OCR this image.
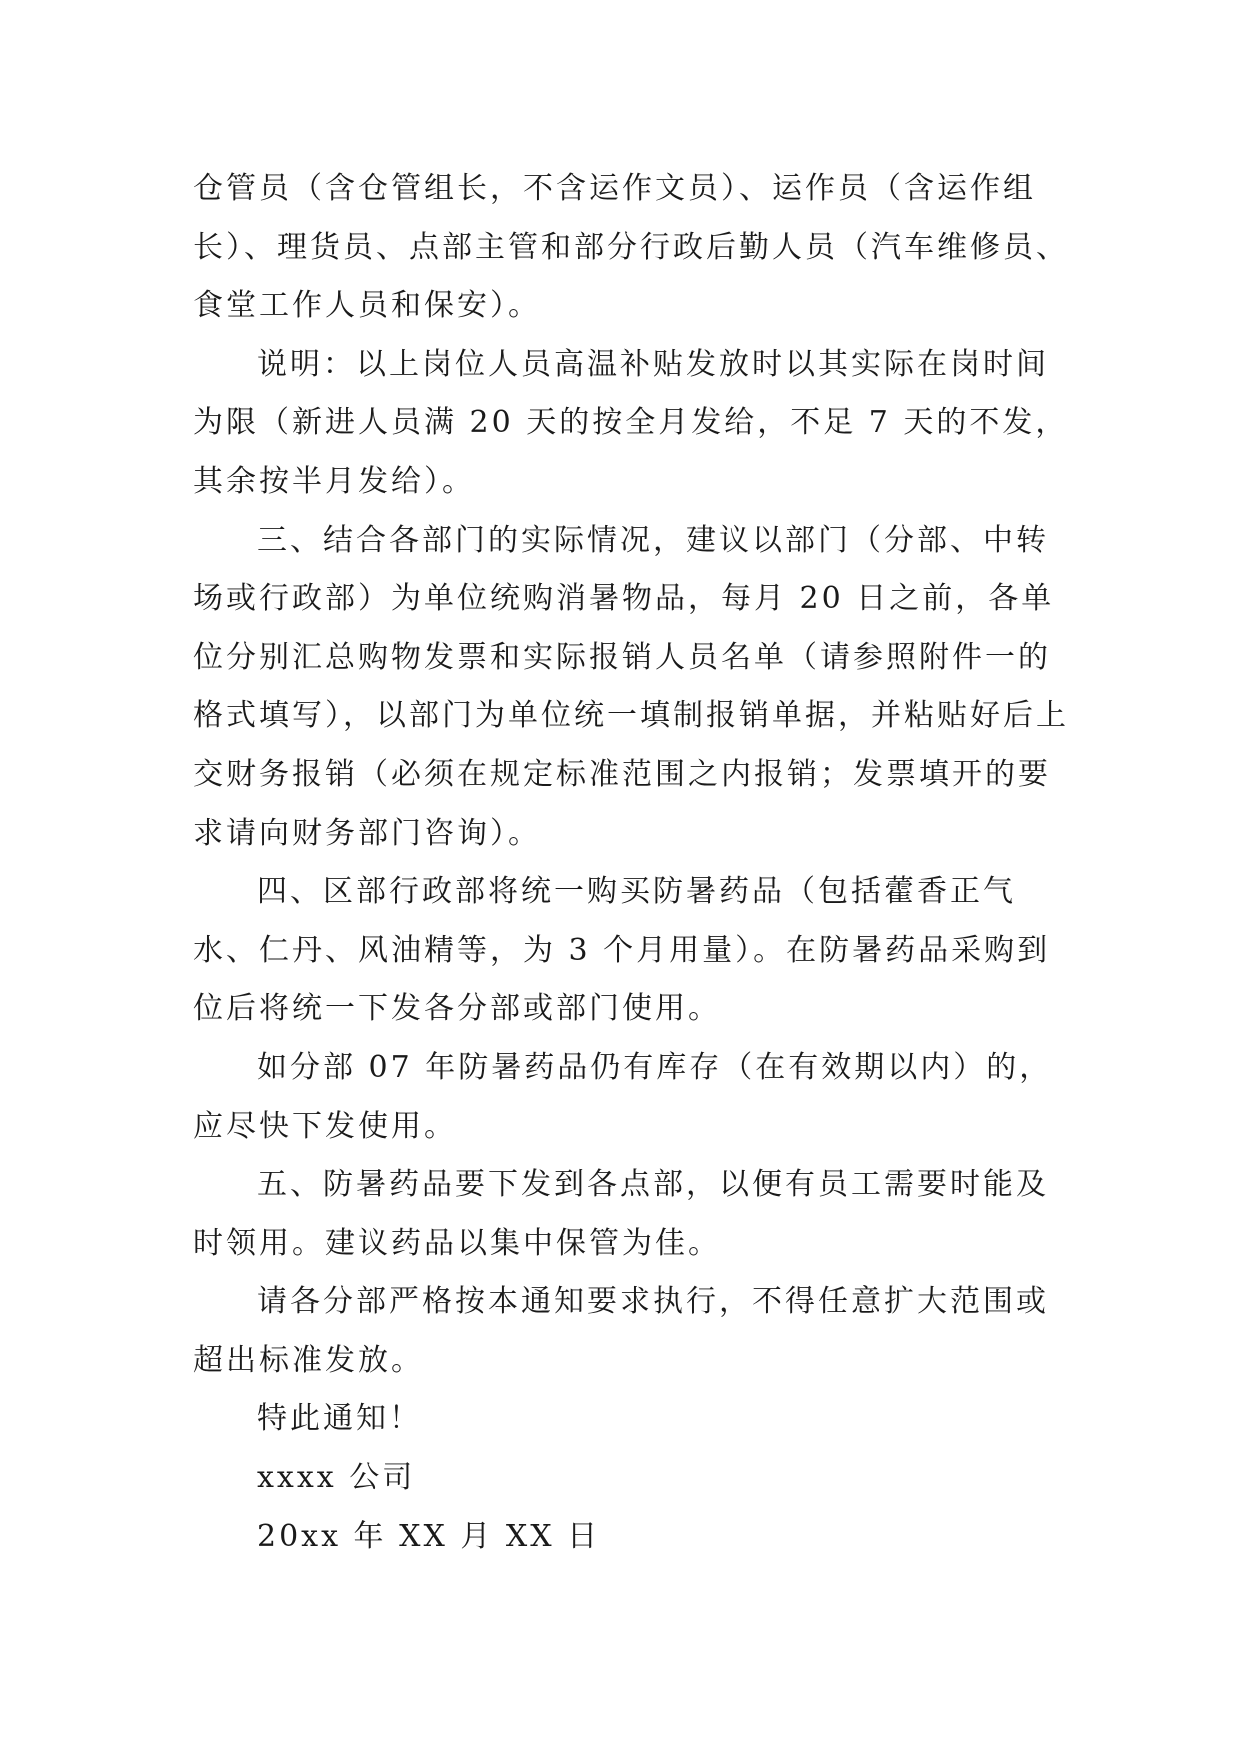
仓管员（含仓管组长，不含运作文员）、运作员（含运作组长）、理货员、点部主管和部分行政后勤人员（汽车维修员、食堂工作人员和保安）。

说明：以上岗位人员高温补贴发放时以其实际在岗时间为限（新进人员满 20 天的按全月发给，不足 7 天的不发，其余按半月发给）。

三、结合各部门的实际情况，建议以部门（分部、中转场或行政部）为单位统购消暑物品，每月 20 日之前，各单位分别汇总购物发票和实际报销人员名单（请参照附件一的格式填写），以部门为单位统一填制报销单据，并粘贴好后上交财务报销（必须在规定标准范围之内报销；发票填开的要求请向财务部门咨询）。

四、区部行政部将统一购买防暑药品（包括藿香正气水、仁丹、风油精等，为 3 个月用量）。在防暑药品采购到位后将统一下发各分部或部门使用。

如分部 07 年防暑药品仍有库存（在有效期以内）的，应尽快下发使用。

五、防暑药品要下发到各点部，以便有员工需要时能及时领用。建议药品以集中保管为佳。

请各分部严格按本通知要求执行，不得任意扩大范围或超出标准发放。

特此通知！

xxxx 公司

20xx 年 XX 月 XX 日
